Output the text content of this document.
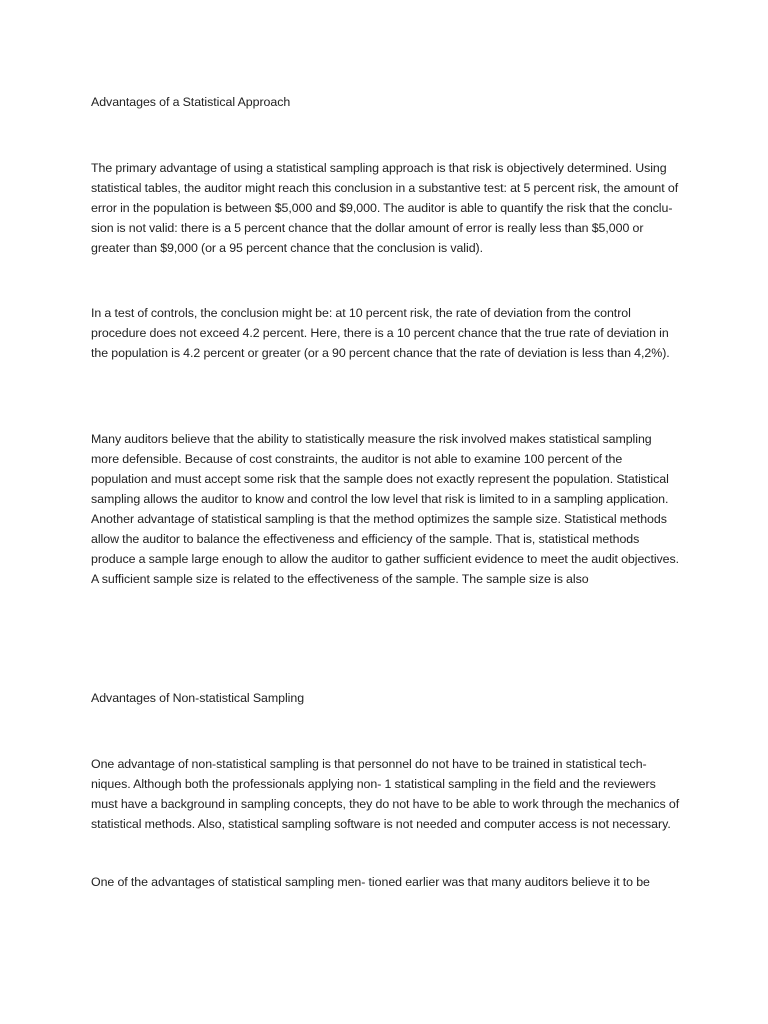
Advantages of a Statistical Approach

The primary advantage of using a statistical sampling approach is that risk is objectively determined. Using statistical tables, the auditor might reach this conclusion in a substantive test: at 5 percent risk, the amount of error in the population is between $5,000 and $9,000. The auditor is able to quantify the risk that the conclu- sion is not valid: there is a 5 percent chance that the dollar amount of error is really less than $5,000 or greater than $9,000 (or a 95 percent chance that the conclusion is valid).

In a test of controls, the conclusion might be: at 10 percent risk, the rate of deviation from the control procedure does not exceed 4.2 percent. Here, there is a 10 percent chance that the true rate of deviation in the population is 4.2 percent or greater (or a 90 percent chance that the rate of deviation is less than 4,2%).

Many auditors believe that the ability to statistically measure the risk involved makes statistical sampling more defensible. Because of cost constraints, the auditor is not able to examine 100 percent of the population and must accept some risk that the sample does not exactly represent the population. Statistical sampling allows the auditor to know and control the low level that risk is limited to in a sampling application. Another advantage of statistical sampling is that the method optimizes the sample size. Statistical methods allow the auditor to balance the effectiveness and efficiency of the sample. That is, statistical methods produce a sample large enough to allow the auditor to gather sufficient evidence to meet the audit objectives. A sufficient sample size is related to the effectiveness of the sample. The sample size is also

Advantages of Non-statistical Sampling

One advantage of non-statistical sampling is that personnel do not have to be trained in statistical tech- niques. Although both the professionals applying non- 1 statistical sampling in the field and the reviewers must have a background in sampling concepts, they do not have to be able to work through the mechanics of statistical methods. Also, statistical sampling software is not needed and computer access is not necessary.

One of the advantages of statistical sampling men- tioned earlier was that many auditors believe it to be
